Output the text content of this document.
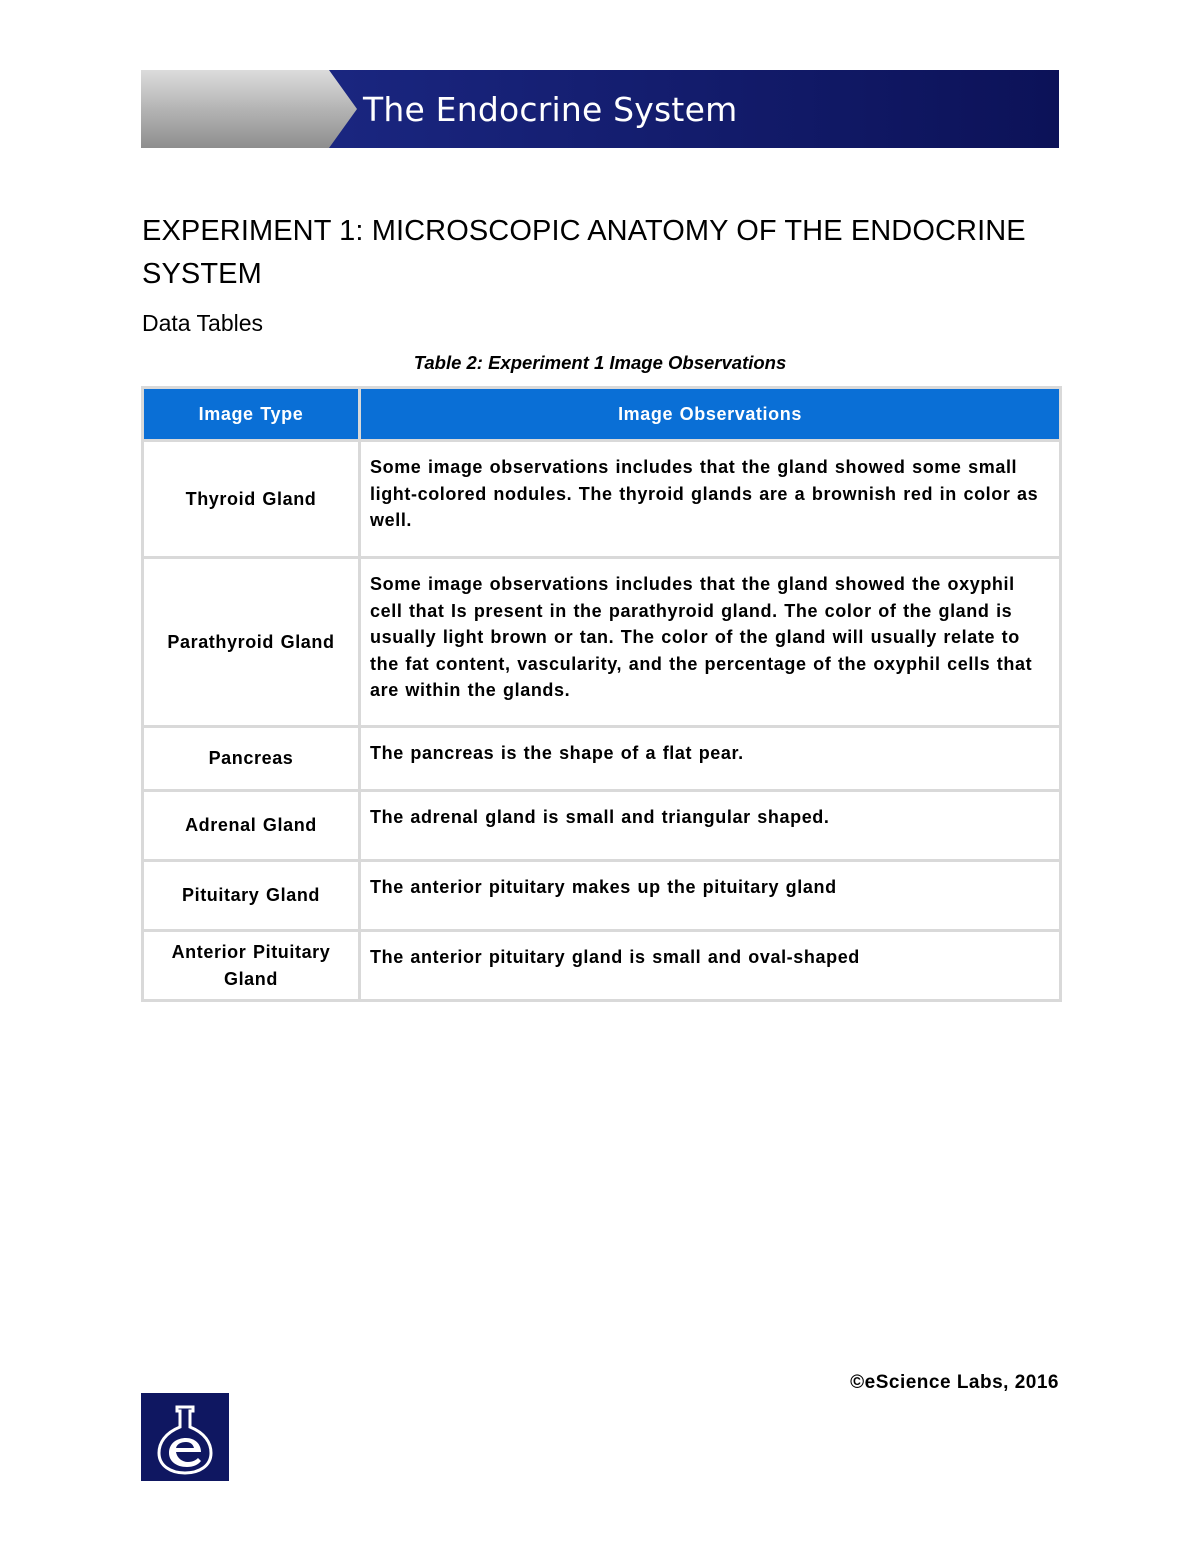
The Endocrine System
EXPERIMENT 1: MICROSCOPIC ANATOMY OF THE ENDOCRINE SYSTEM
Data Tables
Table 2: Experiment 1 Image Observations
Image Type	Image Observations
Thyroid Gland	Some image observations includes that the gland showed some small light-colored nodules. The thyroid glands are a brownish red in color as well.
Parathyroid Gland	Some image observations includes that the gland showed the oxyphil cell that Is present in the parathyroid gland. The color of the gland is usually light brown or tan. The color of the gland will usually relate to the fat content, vascularity, and the percentage of the oxyphil cells that are within the glands.
Pancreas	The pancreas is the shape of a flat pear.
Adrenal Gland	The adrenal gland is small and triangular shaped.
Pituitary Gland	The anterior pituitary makes up the pituitary gland
Anterior Pituitary Gland	The anterior pituitary gland is small and oval-shaped
©eScience Labs, 2016
